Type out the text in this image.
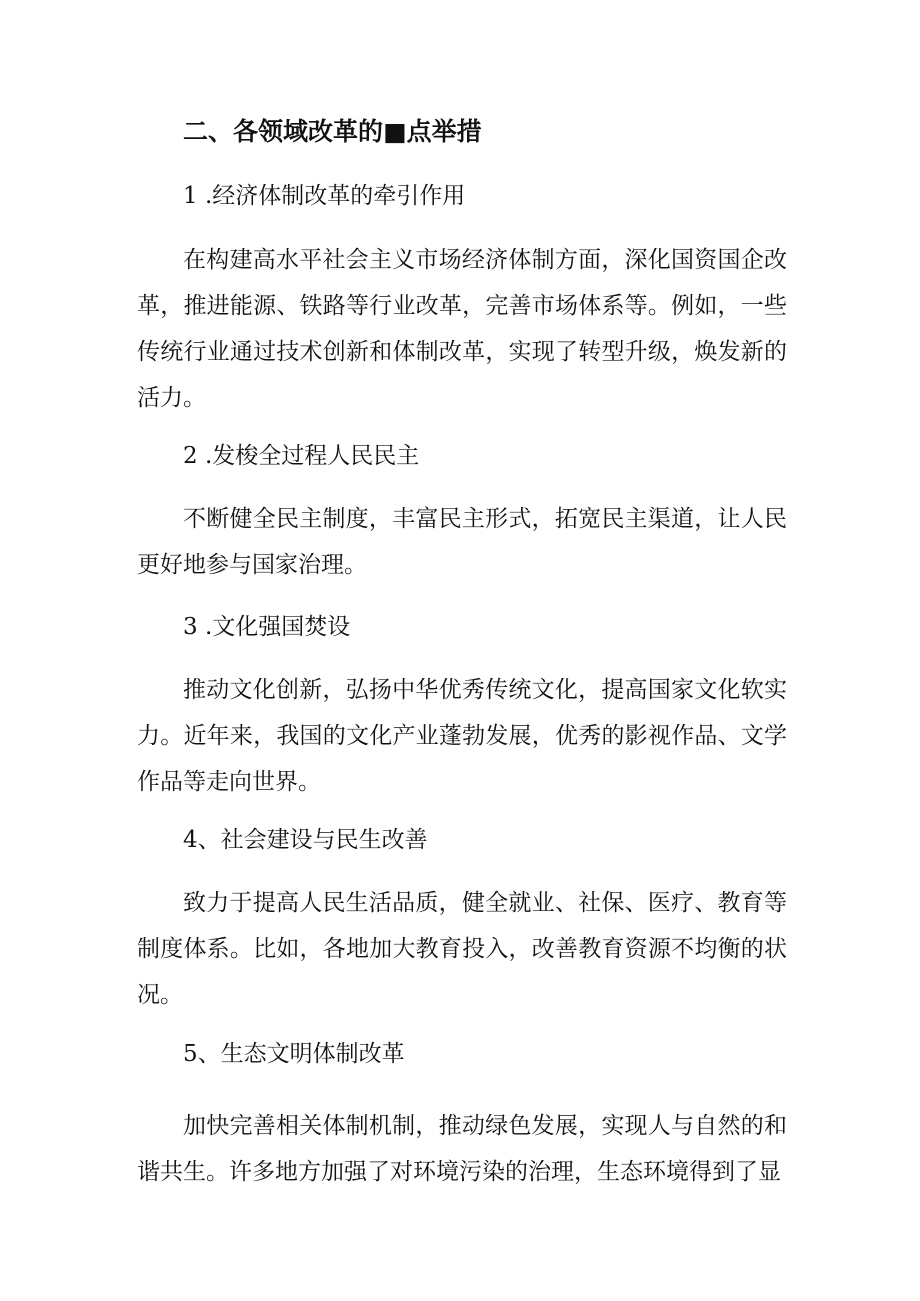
二、各领域改革的■点举措
1 .经济体制改革的牵引作用

在构建高水平社会主义市场经济体制方面，深化国资国企改革，推进能源、铁路等行业改革，完善市场体系等。例如，一些传统行业通过技术创新和体制改革，实现了转型升级，焕发新的活力。

2 .发梭全过程人民民主

不断健全民主制度，丰富民主形式，拓宽民主渠道，让人民更好地参与国家治理。

3 .文化强国焚设

推动文化创新，弘扬中华优秀传统文化，提高国家文化软实力。近年来，我国的文化产业蓬勃发展，优秀的影视作品、文学作品等走向世界。

4、社会建设与民生改善

致力于提高人民生活品质，健全就业、社保、医疗、教育等制度体系。比如，各地加大教育投入，改善教育资源不均衡的状况。

5、生态文明体制改革

加快完善相关体制机制，推动绿色发展，实现人与自然的和谐共生。许多地方加强了对环境污染的治理，生态环境得到了显
